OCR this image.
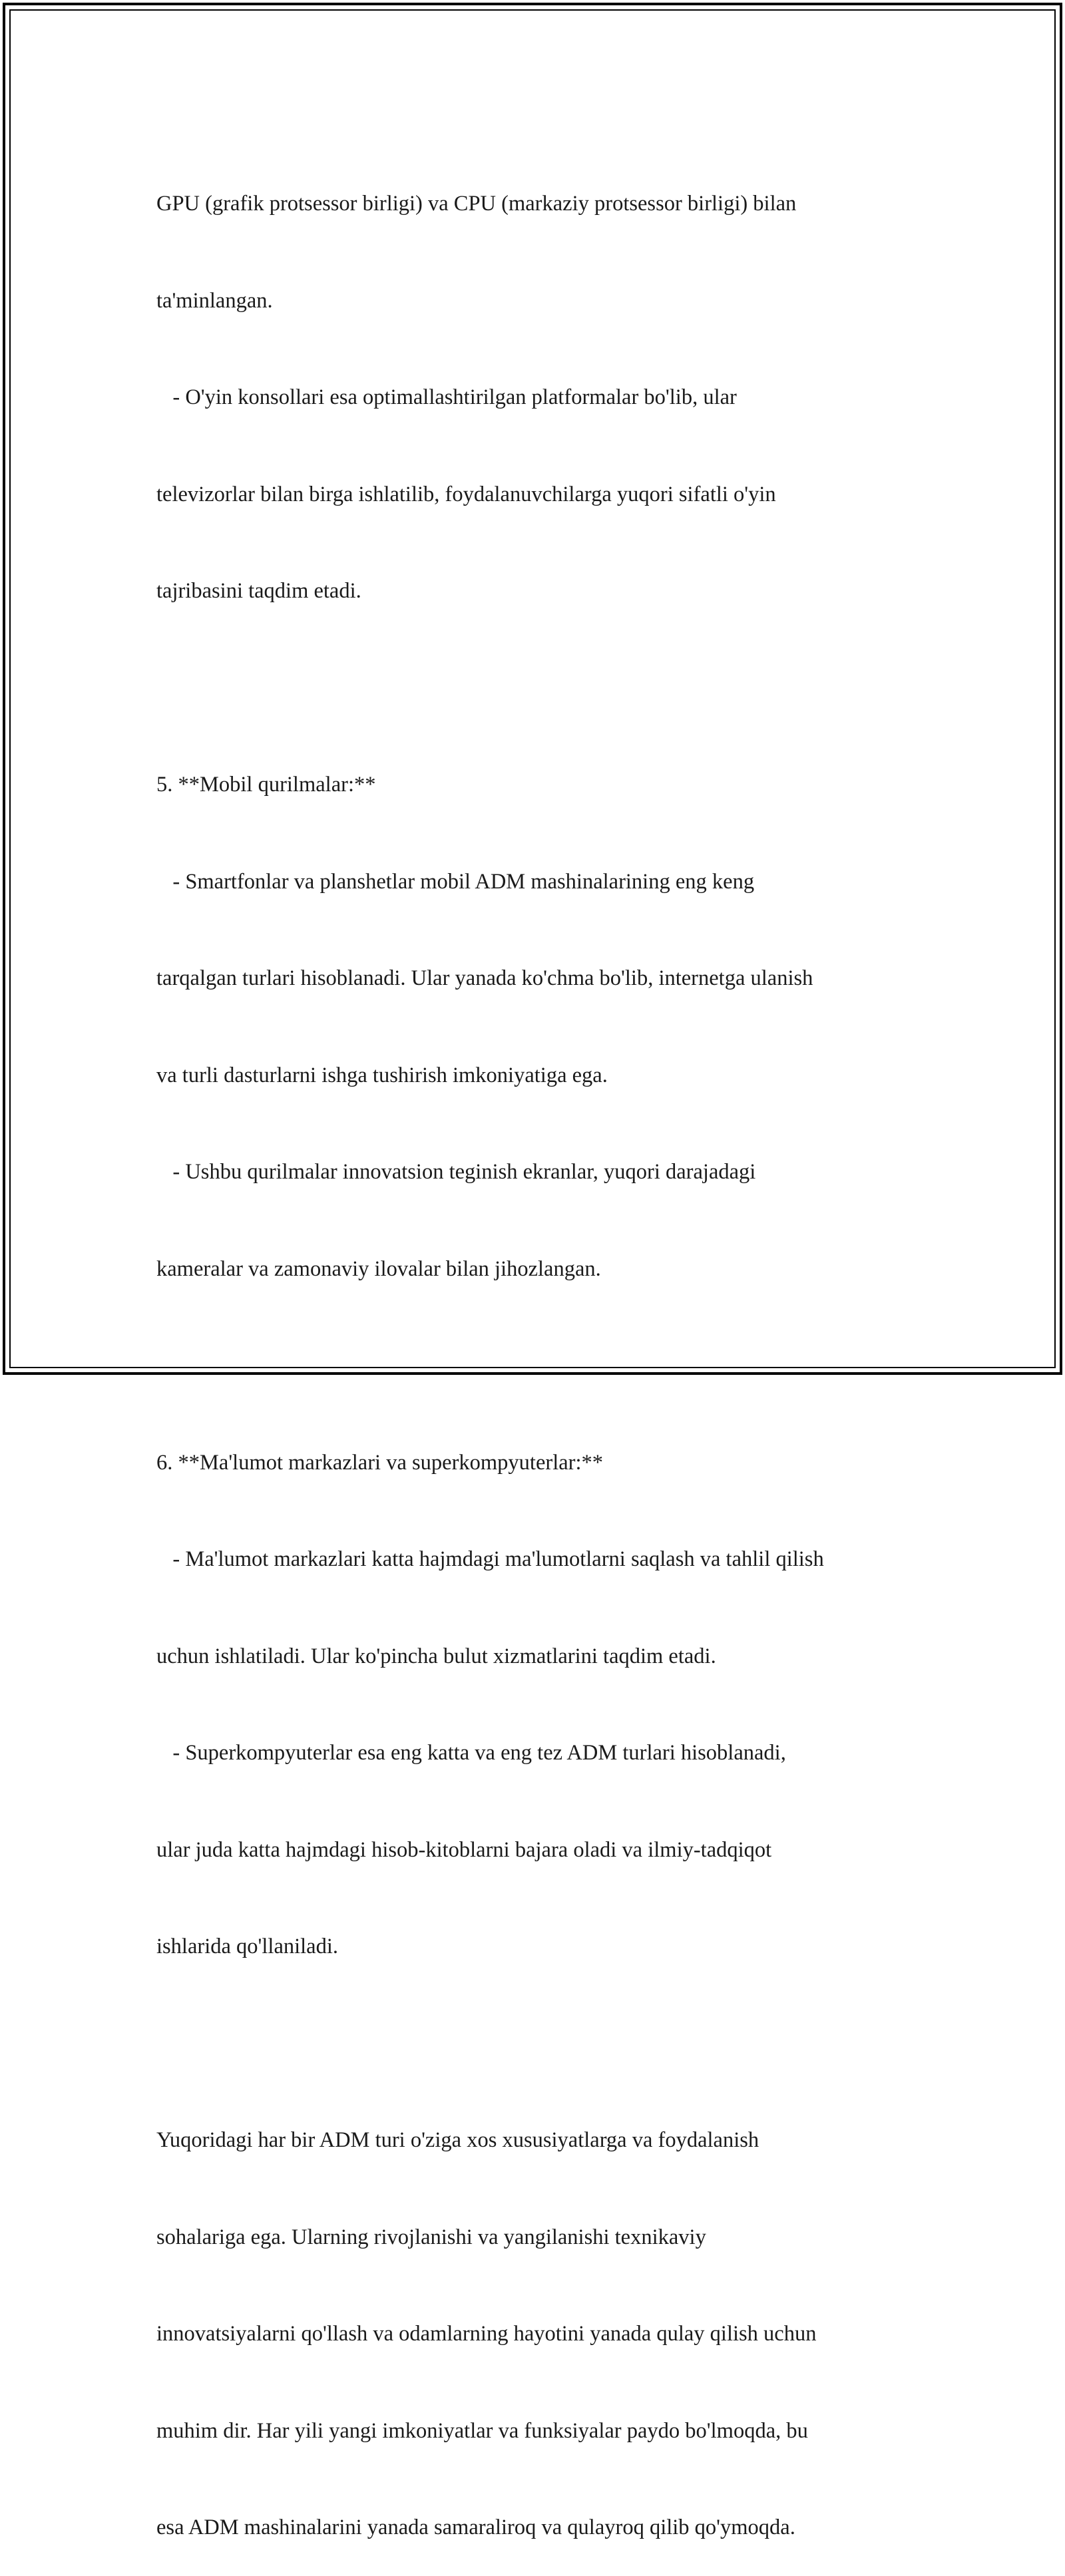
GPU (grafik protsessor birligi) va CPU (markaziy protsessor birligi) bilan

ta'minlangan.

- O'yin konsollari esa optimallashtirilgan platformalar bo'lib, ular

televizorlar bilan birga ishlatilib, foydalanuvchilarga yuqori sifatli o'yin

tajribasini taqdim etadi.

5. **Mobil qurilmalar:**

- Smartfonlar va planshetlar mobil ADM mashinalarining eng keng

tarqalgan turlari hisoblanadi. Ular yanada ko'chma bo'lib, internetga ulanish

va turli dasturlarni ishga tushirish imkoniyatiga ega.

- Ushbu qurilmalar innovatsion teginish ekranlar, yuqori darajadagi

kameralar va zamonaviy ilovalar bilan jihozlangan.

6. **Ma'lumot markazlari va superkompyuterlar:**

- Ma'lumot markazlari katta hajmdagi ma'lumotlarni saqlash va tahlil qilish

uchun ishlatiladi. Ular ko'pincha bulut xizmatlarini taqdim etadi.

- Superkompyuterlar esa eng katta va eng tez ADM turlari hisoblanadi,

ular juda katta hajmdagi hisob-kitoblarni bajara oladi va ilmiy-tadqiqot

ishlarida qo'llaniladi.

Yuqoridagi har bir ADM turi o'ziga xos xususiyatlarga va foydalanish

sohalariga ega. Ularning rivojlanishi va yangilanishi texnikaviy

innovatsiyalarni qo'llash va odamlarning hayotini yanada qulay qilish uchun

muhim dir. Har yili yangi imkoniyatlar va funksiyalar paydo bo'lmoqda, bu

esa ADM mashinalarini yanada samaraliroq va qulayroq qilib qo'ymoqda.
